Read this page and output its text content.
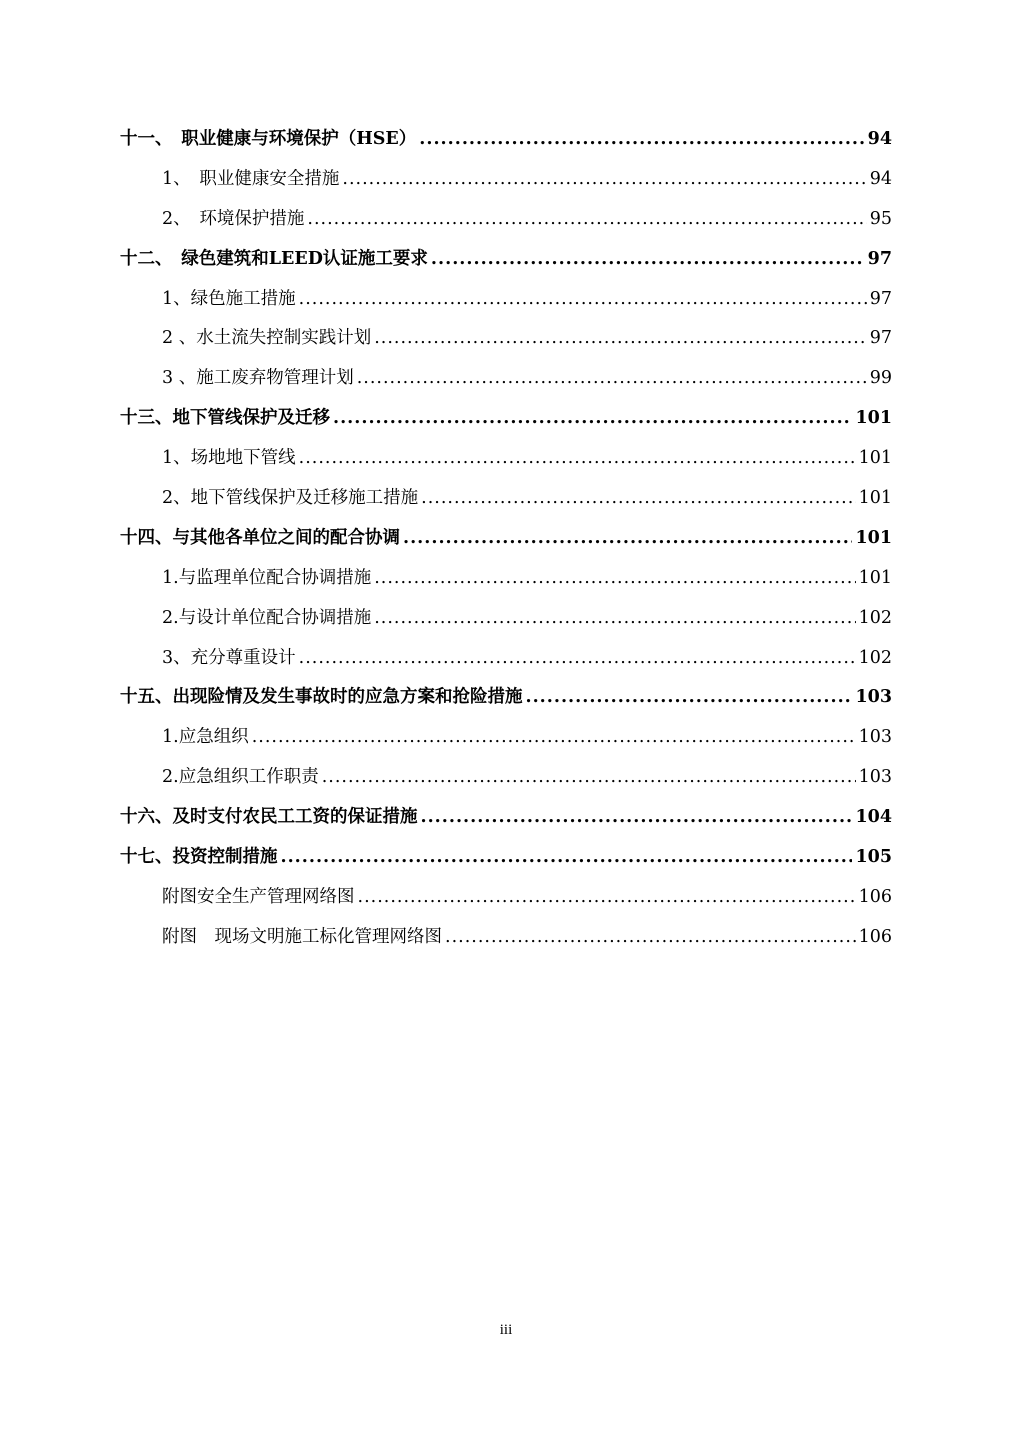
十一、　职业健康与环境保护（HSE） .....	94
1、　职业健康安全措施 .....	94
2、　环境保护措施 .....	95
十二、　绿色建筑和LEED认证施工要求 .....	97
1、绿色施工措施 .....	97
2 、水土流失控制实践计划 .....	97
3 、施工废弃物管理计划 .....	99
十三、地下管线保护及迁移 .....	101
1、场地地下管线 .....	101
2、地下管线保护及迁移施工措施 .....	101
十四、与其他各单位之间的配合协调 .....	101
1.与监理单位配合协调措施 .....	101
2.与设计单位配合协调措施 .....	102
3、充分尊重设计 .....	102
十五、出现险情及发生事故时的应急方案和抢险措施 .....	103
1.应急组织 .....	103
2.应急组织工作职责 .....	103
十六、及时支付农民工工资的保证措施 .....	104
十七、投资控制措施 .....	105
附图安全生产管理网络图 .....	106
附图　现场文明施工标化管理网络图 .....	106
iii
